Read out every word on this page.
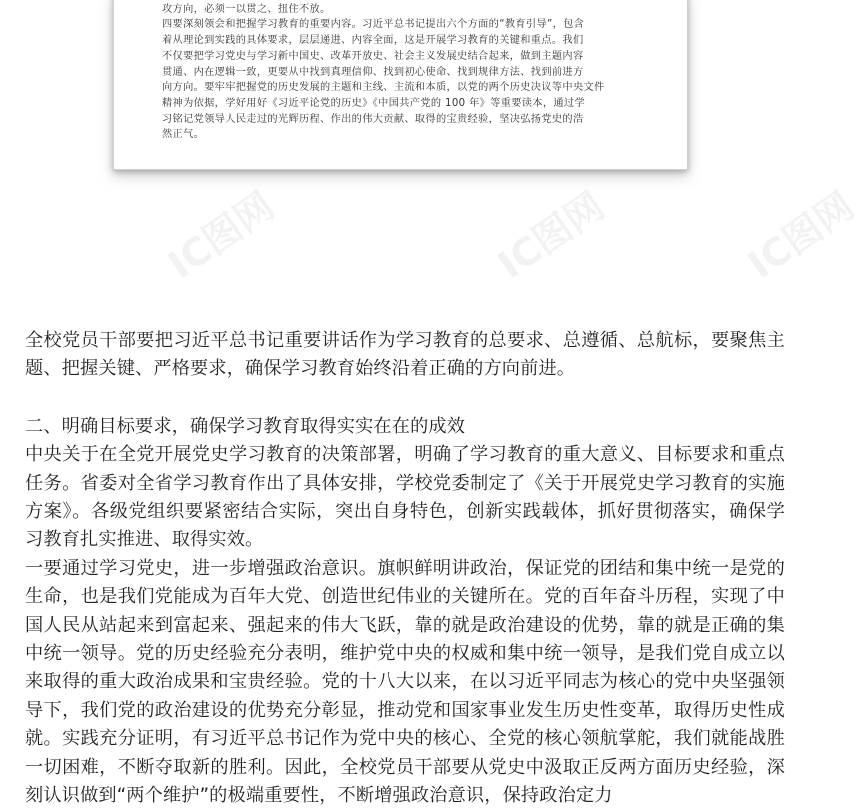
攻方向，必须一以贯之、扭住不放。

四要深刻领会和把握学习教育的重要内容。习近平总书记提出六个方面的“教育引导”，包含

着从理论到实践的具体要求，层层递进、内容全面，这是开展学习教育的关键和重点。我们

不仅要把学习党史与学习新中国史、改革开放史、社会主义发展史结合起来，做到主题内容

贯通、内在逻辑一致，更要从中找到真理信仰、找到初心使命、找到规律方法、找到前进方

向方向。要牢牢把握党的历史发展的主题和主线、主流和本质，以党的两个历史决议等中央文件

精神为依据，学好用好《习近平论党的历史》《中国共产党的 100 年》等重要读本，通过学

习铭记党领导人民走过的光辉历程、作出的伟大贡献、取得的宝贵经验，坚决弘扬党史的浩

然正气。

IC图网	IC图网	IC图网

全校党员干部要把习近平总书记重要讲话作为学习教育的总要求、总遵循、总航标，要聚焦主题、把握关键、严格要求，确保学习教育始终沿着正确的方向前进。

二、明确目标要求，确保学习教育取得实实在在的成效

中央关于在全党开展党史学习教育的决策部署，明确了学习教育的重大意义、目标要求和重点任务。省委对全省学习教育作出了具体安排，学校党委制定了《关于开展党史学习教育的实施方案》。各级党组织要紧密结合实际，突出自身特色，创新实践载体，抓好贯彻落实，确保学习教育扎实推进、取得实效。

一要通过学习党史，进一步增强政治意识。旗帜鲜明讲政治，保证党的团结和集中统一是党的生命，也是我们党能成为百年大党、创造世纪伟业的关键所在。党的百年奋斗历程，实现了中国人民从站起来到富起来、强起来的伟大飞跃，靠的就是政治建设的优势，靠的就是正确的集中统一领导。党的历史经验充分表明，维护党中央的权威和集中统一领导，是我们党自成立以来取得的重大政治成果和宝贵经验。党的十八大以来，在以习近平同志为核心的党中央坚强领导下，我们党的政治建设的优势充分彰显，推动党和国家事业发生历史性变革，取得历史性成就。实践充分证明，有习近平总书记作为党中央的核心、全党的核心领航掌舵，我们就能战胜一切困难，不断夺取新的胜利。因此，全校党员干部要从党史中汲取正反两方面历史经验，深刻认识做到“两个维护”的极端重要性，不断增强政治意识，保持政治定力
